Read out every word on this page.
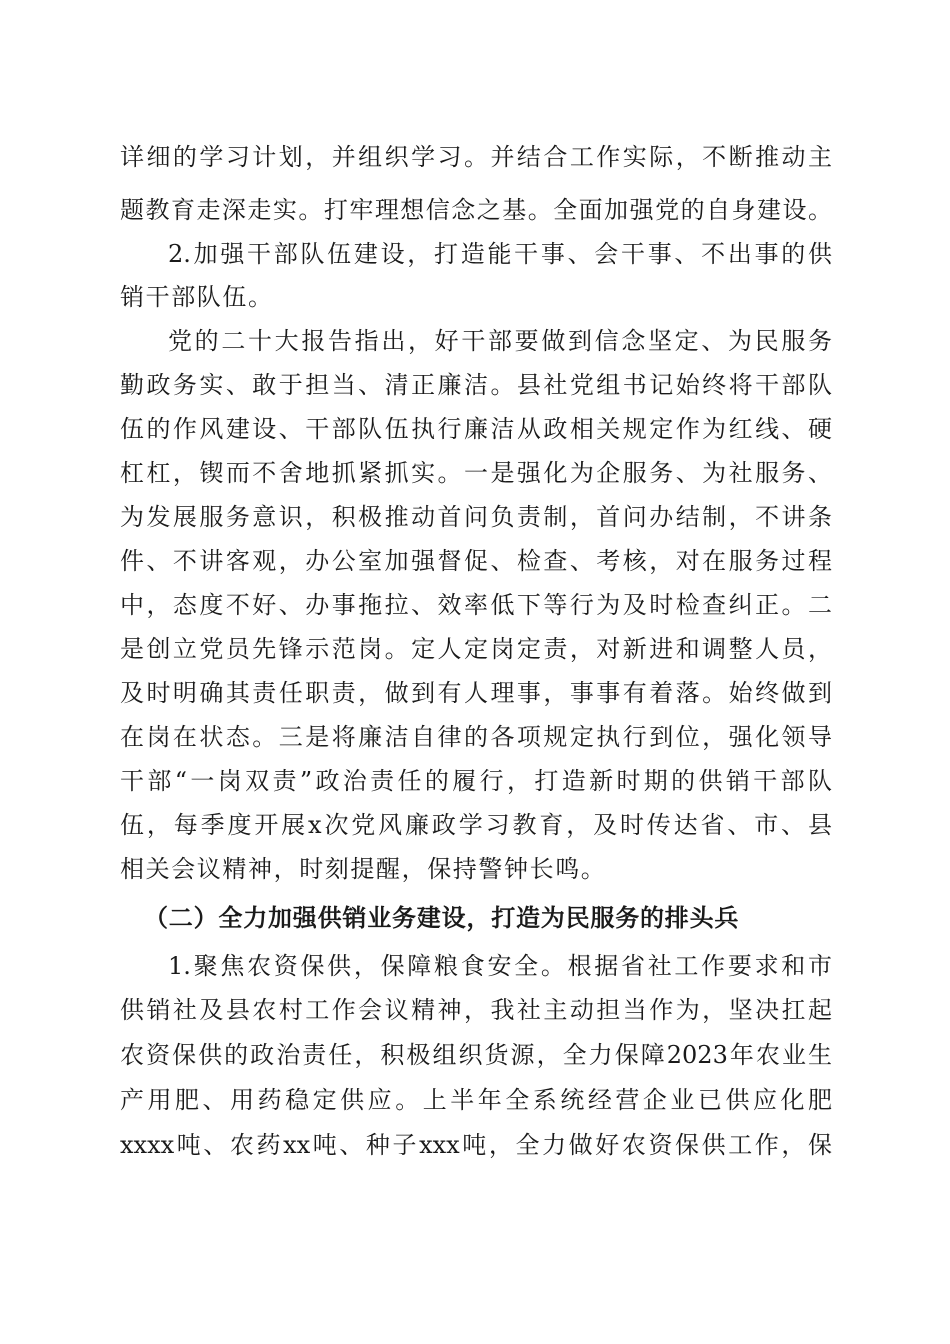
详细的学习计划，并组织学习。并结合工作实际，不断推动主
题教育走深走实。打牢理想信念之基。全面加强党的自身建设。
2.加强干部队伍建设，打造能干事、会干事、不出事的供
销干部队伍。
党的二十大报告指出，好干部要做到信念坚定、为民服务
勤政务实、敢于担当、清正廉洁。县社党组书记始终将干部队
伍的作风建设、干部队伍执行廉洁从政相关规定作为红线、硬
杠杠，锲而不舍地抓紧抓实。一是强化为企服务、为社服务、
为发展服务意识，积极推动首问负责制，首问办结制，不讲条
件、不讲客观，办公室加强督促、检查、考核，对在服务过程
中，态度不好、办事拖拉、效率低下等行为及时检查纠正。二
是创立党员先锋示范岗。定人定岗定责，对新进和调整人员，
及时明确其责任职责，做到有人理事，事事有着落。始终做到
在岗在状态。三是将廉洁自律的各项规定执行到位，强化领导
干部“一岗双责”政治责任的履行，打造新时期的供销干部队
伍，每季度开展x次党风廉政学习教育，及时传达省、市、县
相关会议精神，时刻提醒，保持警钟长鸣。
（二）全力加强供销业务建设，打造为民服务的排头兵
1.聚焦农资保供，保障粮食安全。根据省社工作要求和市
供销社及县农村工作会议精神，我社主动担当作为，坚决扛起
农资保供的政治责任，积极组织货源，全力保障2023年农业生
产用肥、用药稳定供应。上半年全系统经营企业已供应化肥
xxxx吨、农药xx吨、种子xxx吨，全力做好农资保供工作，保
